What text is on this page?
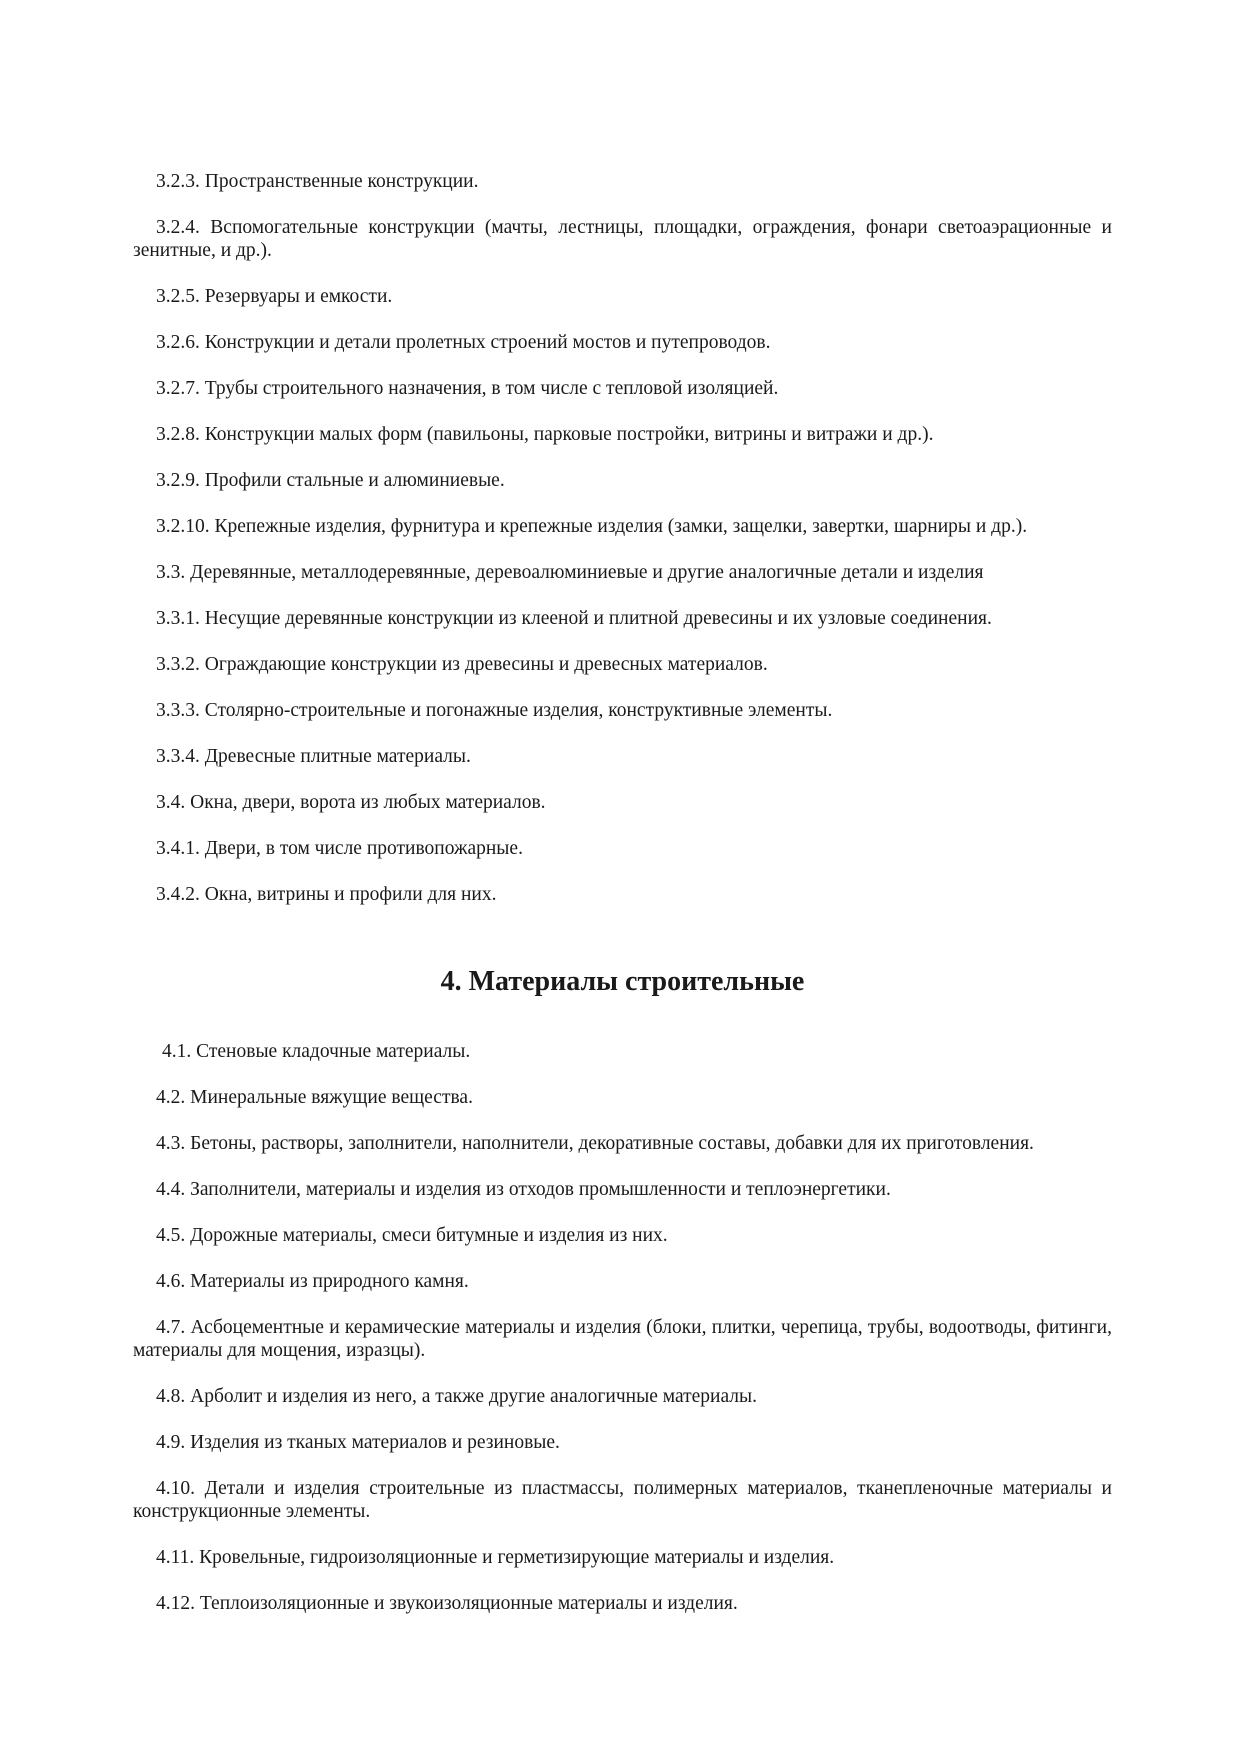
3.2.3. Пространственные конструкции.

3.2.4. Вспомогательные конструкции (мачты, лестницы, площадки, ограждения, фонари светоаэрационные и зенитные, и др.).

3.2.5. Резервуары и емкости.

3.2.6. Конструкции и детали пролетных строений мостов и путепроводов.

3.2.7. Трубы строительного назначения, в том числе с тепловой изоляцией.

3.2.8. Конструкции малых форм (павильоны, парковые постройки, витрины и витражи и др.).

3.2.9. Профили стальные и алюминиевые.

3.2.10. Крепежные изделия, фурнитура и крепежные изделия (замки, защелки, завертки, шарниры и др.).

3.3. Деревянные, металлодеревянные, деревоалюминиевые и другие аналогичные детали и изделия

3.3.1. Несущие деревянные конструкции из клееной и плитной древесины и их узловые соединения.

3.3.2. Ограждающие конструкции из древесины и древесных материалов.

3.3.3. Столярно-строительные и погонажные изделия, конструктивные элементы.

3.3.4. Древесные плитные материалы.

3.4. Окна, двери, ворота из любых материалов.

3.4.1. Двери, в том числе противопожарные.

3.4.2. Окна, витрины и профили для них.

4. Материалы строительные

4.1. Стеновые кладочные материалы.

4.2. Минеральные вяжущие вещества.

4.3. Бетоны, растворы, заполнители, наполнители, декоративные составы, добавки для их приготовления.

4.4. Заполнители, материалы и изделия из отходов промышленности и теплоэнергетики.

4.5. Дорожные материалы, смеси битумные и изделия из них.

4.6. Материалы из природного камня.

4.7. Асбоцементные и керамические материалы и изделия (блоки, плитки, черепица, трубы, водоотводы, фитинги, материалы для мощения, изразцы).

4.8. Арболит и изделия из него, а также другие аналогичные материалы.

4.9. Изделия из тканых материалов и резиновые.

4.10. Детали и изделия строительные из пластмассы, полимерных материалов, тканепленочные материалы и конструкционные элементы.

4.11. Кровельные, гидроизоляционные и герметизирующие материалы и изделия.

4.12. Теплоизоляционные и звукоизоляционные материалы и изделия.
